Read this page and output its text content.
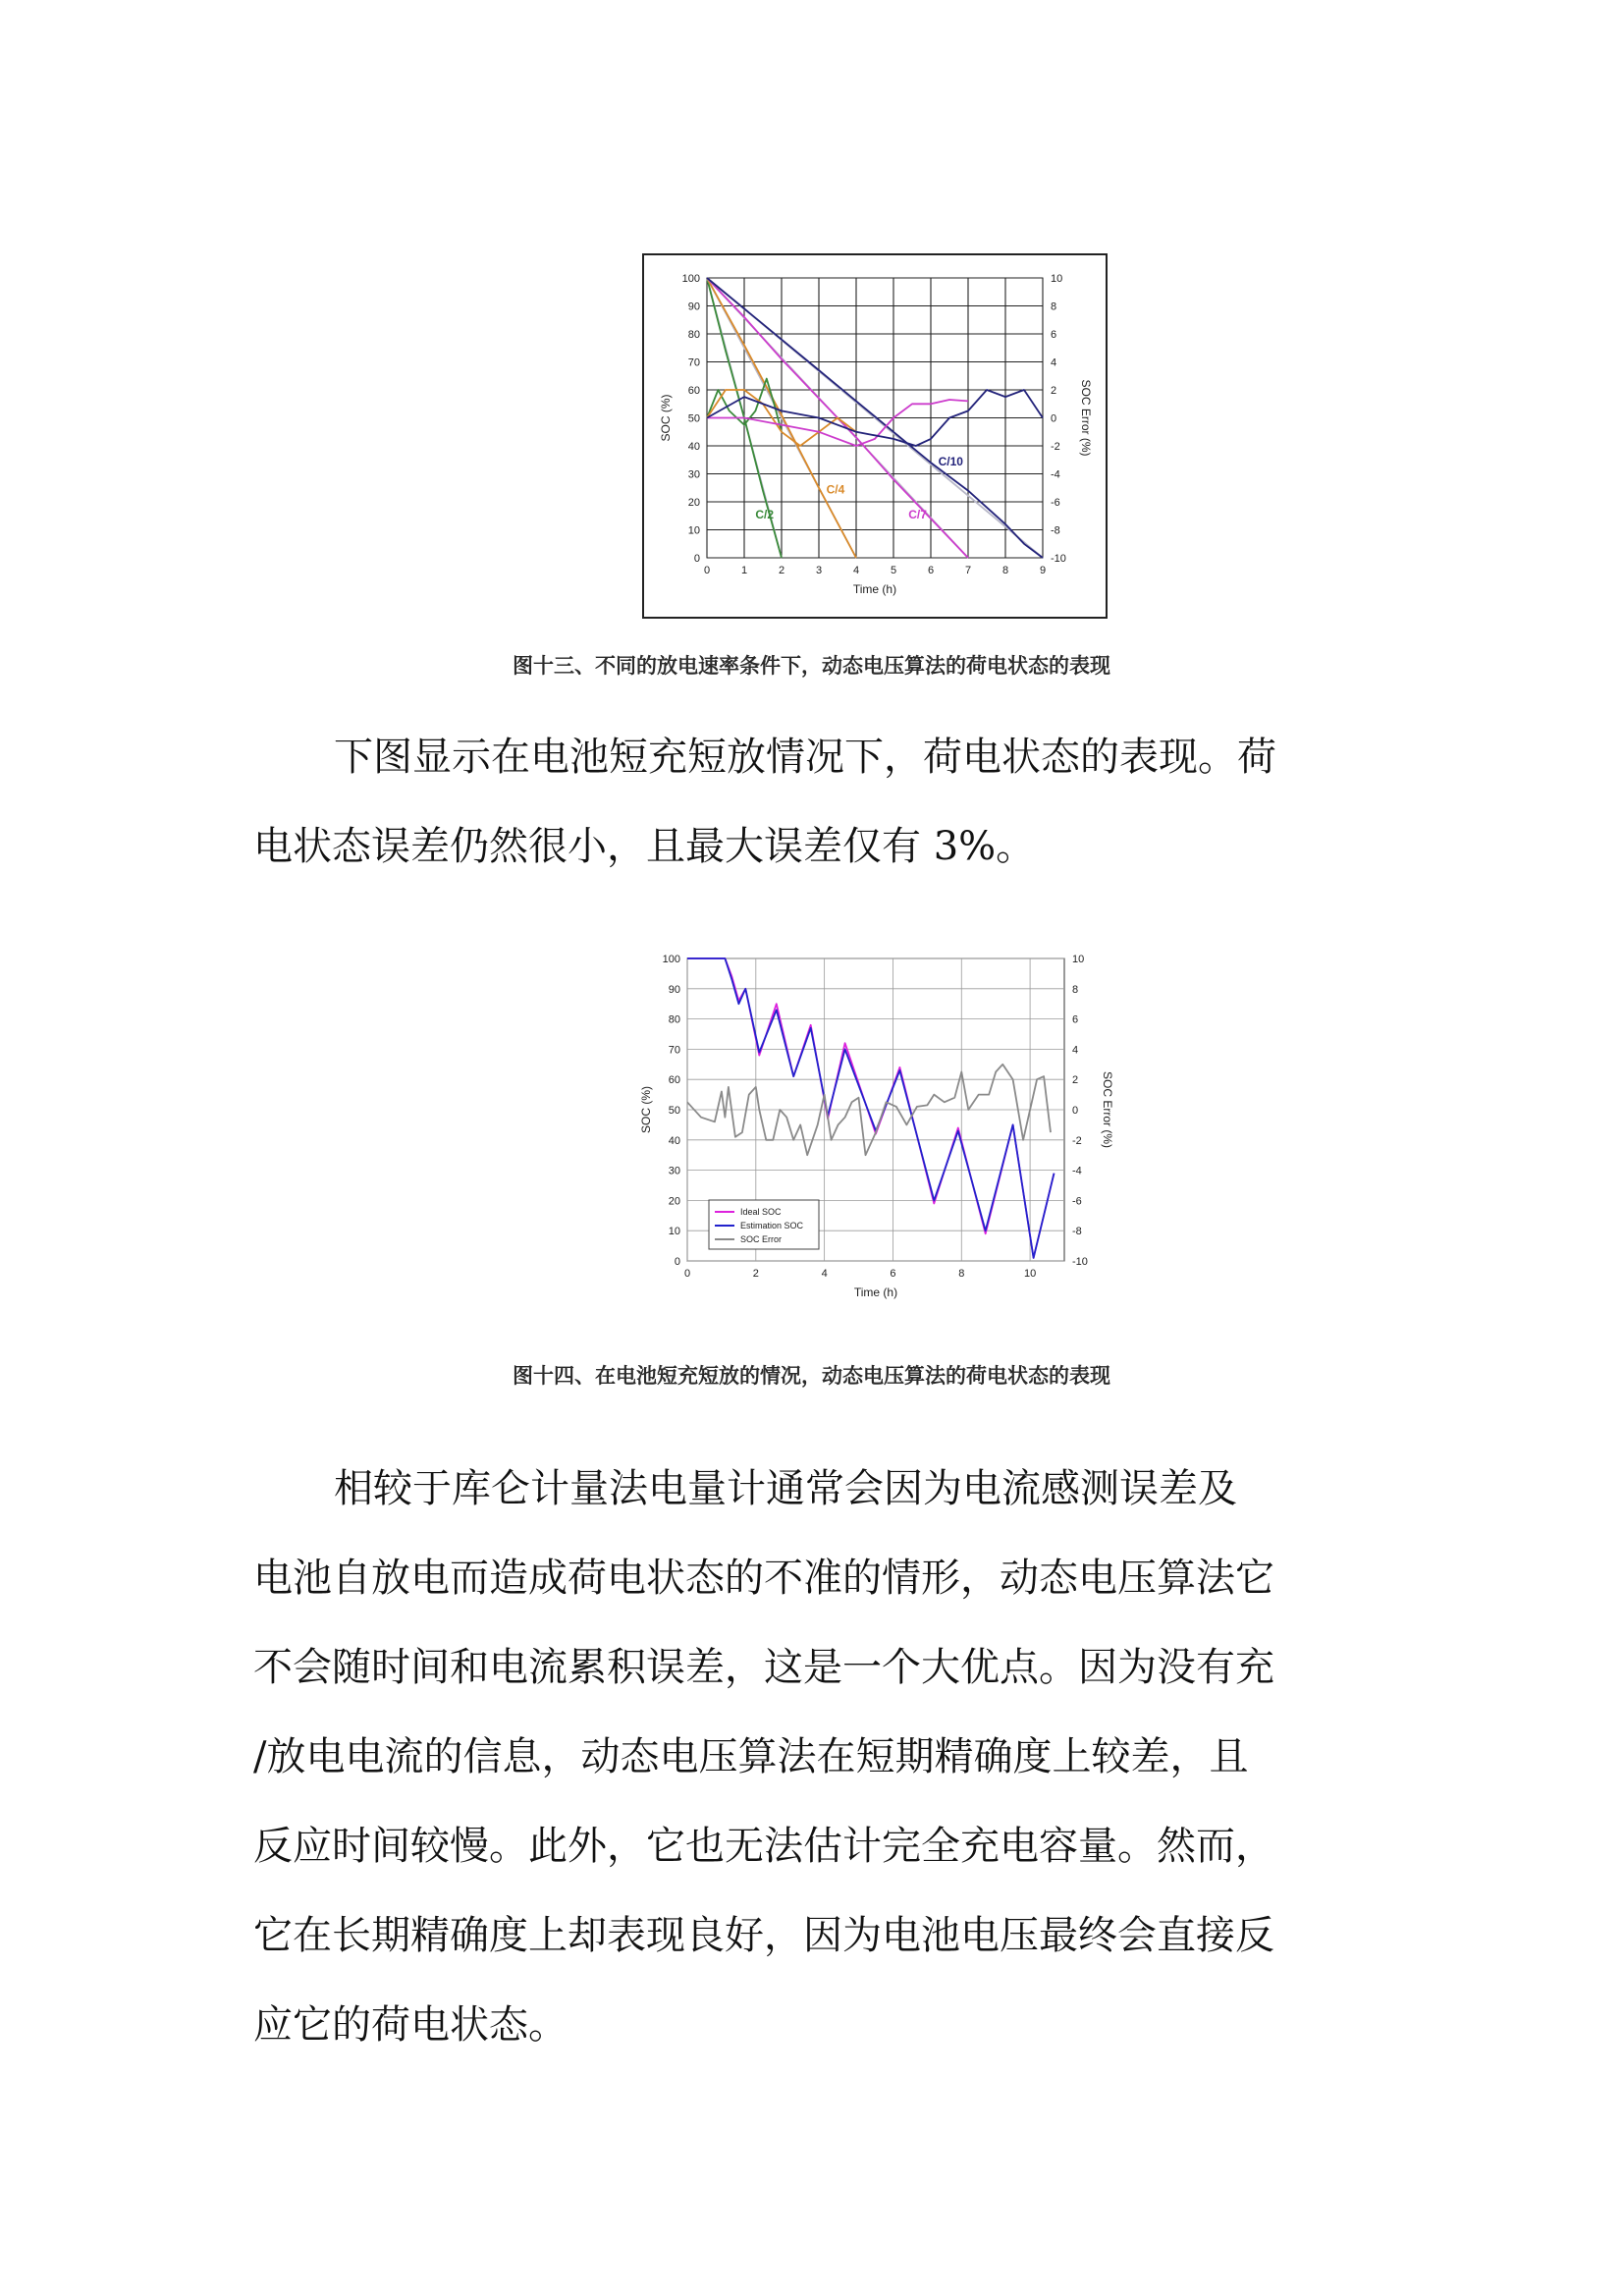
0	1	2	3	4	5	6	7	8	9
0
10
20
30
40
50
60
70
80
90
100
-10
-8
-6
-4
-2
0
2
4
6
8
10
Time (h)
SOC (%)	SOC Error (%)
C/2
C/4
C/7
C/10
图十三、不同的放电速率条件下，动态电压算法的荷电状态的表现
下图显示在电池短充短放情况下，荷电状态的表现。荷
电状态误差仍然很小，且最大误差仅有 3%。
0	2	4	6	8	10
0
10
20
30
40
50
60
70
80
90
100
-10
-8
-6
-4
-2
0
2
4
6
8
10
Time (h)
SOC (%)	SOC Error (%)
Ideal SOC
Estimation SOC
SOC Error
图十四、在电池短充短放的情况，动态电压算法的荷电状态的表现
相较于库仑计量法电量计通常会因为电流感测误差及
电池自放电而造成荷电状态的不准的情形，动态电压算法它
不会随时间和电流累积误差，这是一个大优点。因为没有充
/放电电流的信息，动态电压算法在短期精确度上较差，且
反应时间较慢。此外，它也无法估计完全充电容量。然而，
它在长期精确度上却表现良好，因为电池电压最终会直接反
应它的荷电状态。
